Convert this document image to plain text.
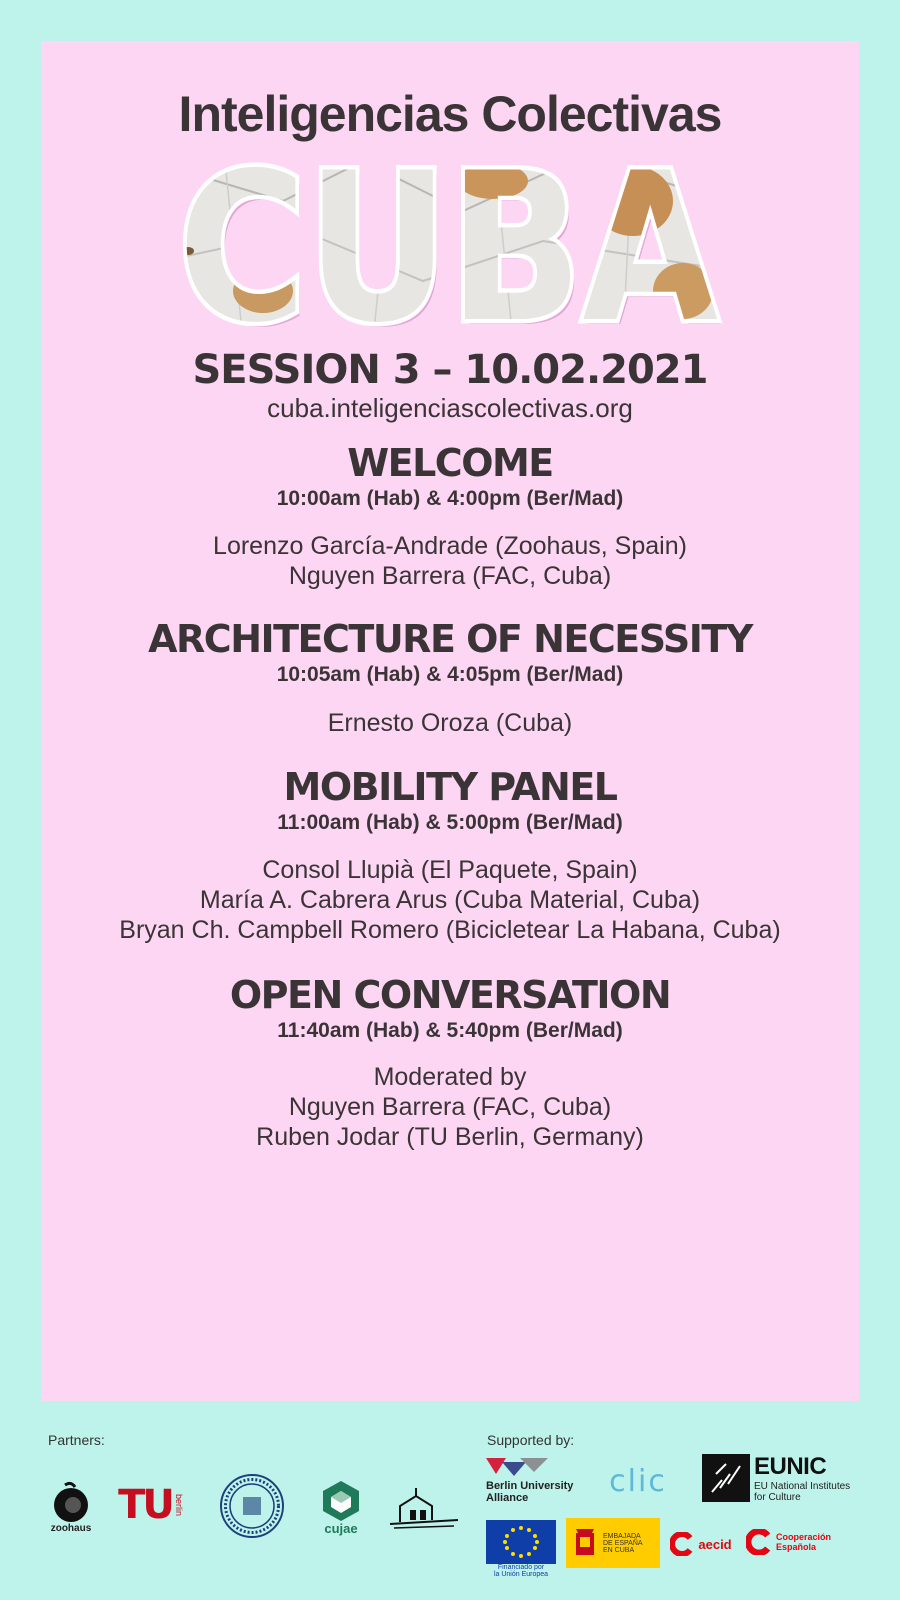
Inteligencias Colectivas
CUBA
CUBA
SESSION 3 – 10.02.2021
cuba.inteligenciascolectivas.org
WELCOME
10:00am (Hab) & 4:00pm (Ber/Mad)
Lorenzo García-Andrade (Zoohaus, Spain)
Nguyen Barrera (FAC, Cuba)
ARCHITECTURE OF NECESSITY
10:05am (Hab) & 4:05pm (Ber/Mad)
Ernesto Oroza (Cuba)
MOBILITY PANEL
11:00am (Hab) & 5:00pm (Ber/Mad)
Consol Llupià (El Paquete, Spain)
María A. Cabrera Arus (Cuba Material, Cuba)
Bryan Ch. Campbell Romero (Bicicletear La Habana, Cuba)
OPEN CONVERSATION
11:40am (Hab) & 5:40pm (Ber/Mad)
Moderated by
Nguyen Barrera (FAC, Cuba)
Ruben Jodar (TU Berlin, Germany)
Partners:	Supported by:
zoohaus TU berlin
cujae
Berlin University
Alliance	clic	EUNIC
EU National Institutes
for Culture
Financiado por
la Unión Europea
EMBAJADA
DE ESPAÑA
EN CUBA	aecid	Cooperación
Española
